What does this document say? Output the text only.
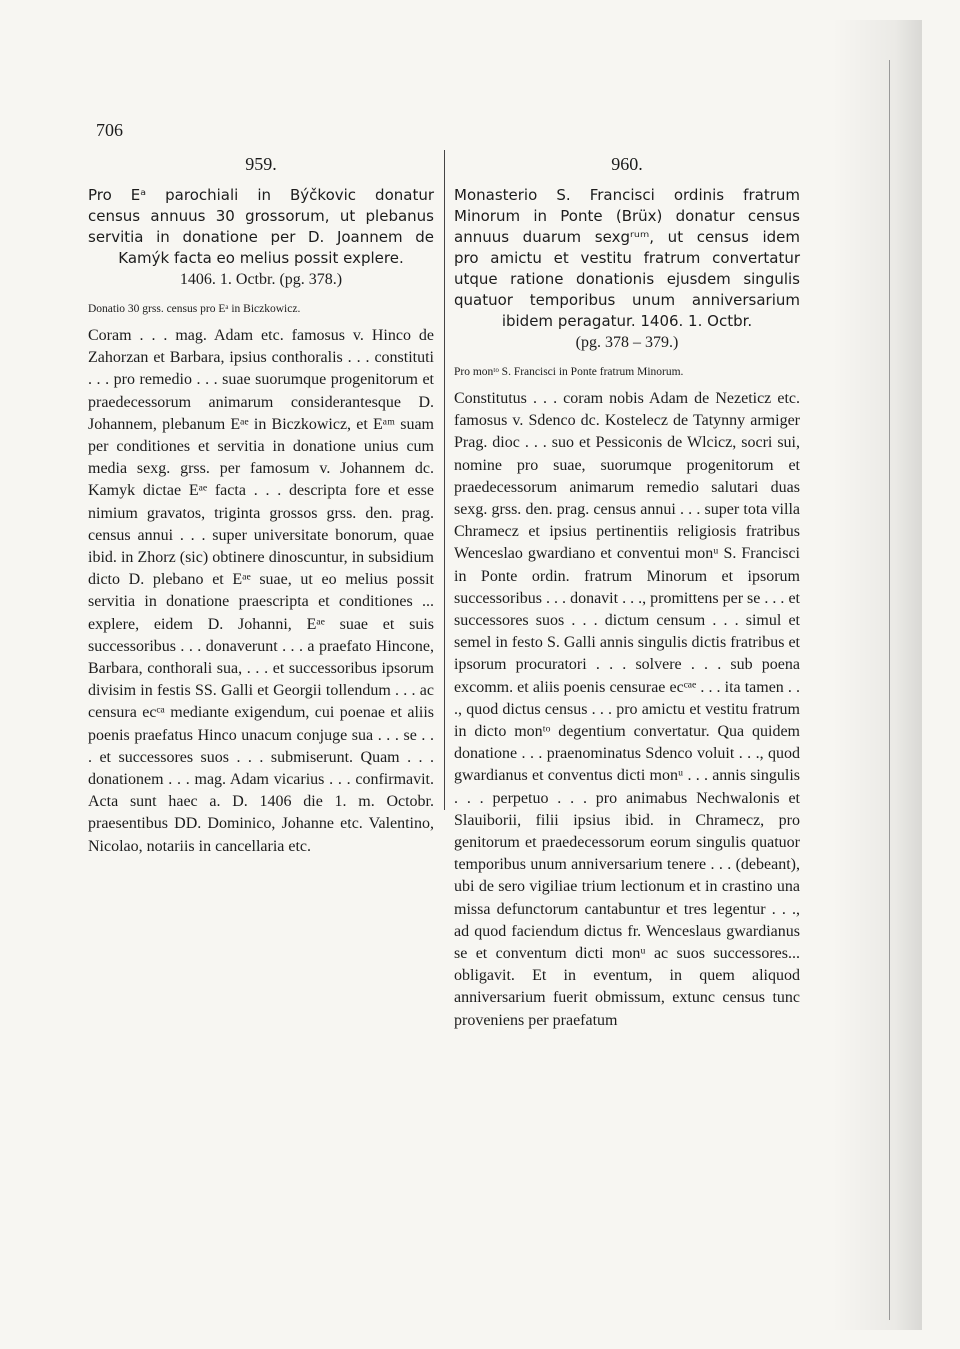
706
959.
Pro Eᵃ parochiali in Býčkovic donatur
census annuus 30 grossorum, ut plebanus
servitia in donatione per D. Joannem de
Kamýk facta eo melius possit explere.
1406. 1. Octbr. (pg. 378.)
Donatio 30 grss. census pro Eᵃ in Biczkowicz.

Coram . . . mag. Adam etc. famosus v. Hinco de Zahorzan et Barbara, ipsius conthoralis . . . constituti . . . pro remedio . . . suae suorumque progenitorum et praedecessorum animarum considerantesque D. Johannem, plebanum Eᵃᵉ in Biczkowicz, et Eᵃᵐ suam per conditiones et servitia in donatione unius cum media sexg. grss. per famosum v. Johannem dc. Kamyk dictae Eᵃᵉ facta . . . descripta fore et esse nimium gravatos, triginta grossos grss. den. prag. census annui . . . super universitate bonorum, quae ibid. in Zhorz (sic) obtinere dinoscuntur, in subsidium dicto D. plebano et Eᵃᵉ suae, ut eo melius possit servitia in donatione praescripta et conditiones ... explere, eidem D. Johanni, Eᵃᵉ suae et suis successoribus . . . donaverunt . . . a praefato Hincone, Barbara, conthorali sua, . . . et successoribus ipsorum divisim in festis SS. Galli et Georgii tollendum . . . ac censura ecᶜᵃ mediante exigendum, cui poenae et aliis poenis praefatus Hinco unacum conjuge sua . . . se . . . et successores suos . . . submiserunt. Quam . . . donationem . . . mag. Adam vicarius . . . confirmavit. Acta sunt haec a. D. 1406 die 1. m. Octobr. praesentibus DD. Dominico, Johanne etc. Valentino, Nicolao, notariis in cancellaria etc.

960.
Monasterio S. Francisci ordinis fratrum
Minorum in Ponte (Brüx) donatur census
annuus duarum sexgʳᵘᵐ, ut census idem
pro amictu et vestitu fratrum convertatur
utque ratione donationis ejusdem singulis
quatuor temporibus unum anniversarium
ibidem peragatur. 1406. 1. Octbr.
(pg. 378 – 379.)
Pro monᵗᵒ S. Francisci in Ponte fratrum Minorum.

Constitutus . . . coram nobis Adam de Nezeticz etc. famosus v. Sdenco dc. Kostelecz de Tatynny armiger Prag. dioc . . . suo et Pessiconis de Wlcicz, socri sui, nomine pro suae, suorumque progenitorum et praedecessorum animarum remedio salutari duas sexg. grss. den. prag. census annui . . . super tota villa Chramecz et ipsius pertinentiis religiosis fratribus Wenceslao gwardiano et conventui monᵘ S. Francisci in Ponte ordin. fratrum Minorum et ipsorum successoribus . . . donavit . . ., promittens per se . . . et successores suos . . . dictum censum . . . simul et semel in festo S. Galli annis singulis dictis fratribus et ipsorum procuratori . . . solvere . . . sub poena excomm. et aliis poenis censurae ecᶜᵃᵉ . . . ita tamen . . ., quod dictus census . . . pro amictu et vestitu fratrum in dicto monᵗᵒ degentium convertatur. Qua quidem donatione . . . praenominatus Sdenco voluit . . ., quod gwardianus et conventus dicti monᵘ . . . annis singulis . . . perpetuo . . . pro animabus Nechwalonis et Slauiborii, filii ipsius ibid. in Chramecz, pro genitorum et praedecessorum eorum singulis quatuor temporibus unum anniversarium tenere . . . (debeant), ubi de sero vigiliae trium lectionum et in crastino una missa defunctorum cantabuntur et tres legentur . . ., ad quod faciendum dictus fr. Wenceslaus gwardianus se et conventum dicti monᵘ ac suos successores... obligavit. Et in eventum, in quem aliquod anniversarium fuerit obmissum, extunc census tunc proveniens per praefatum
